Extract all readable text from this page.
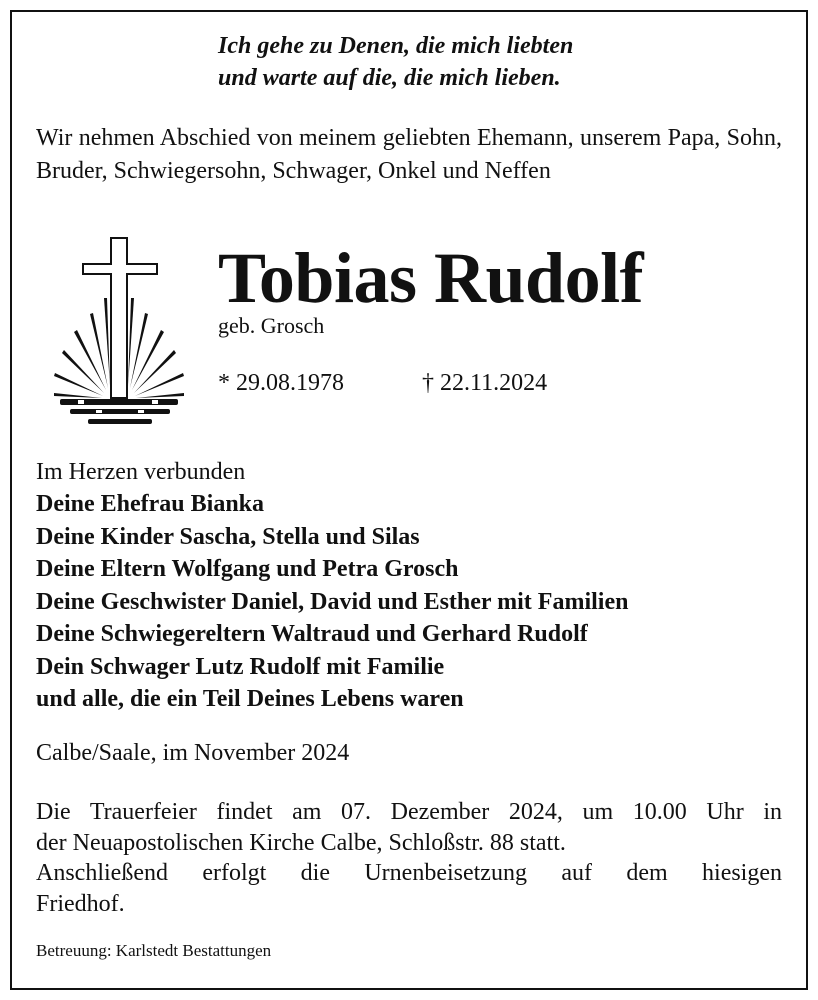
Ich gehe zu Denen, die mich liebten
und warte auf die, die mich lieben.
Wir nehmen Abschied von meinem geliebten Ehemann, unserem Papa, Sohn, Bruder, Schwiegersohn, Schwager, Onkel und Neffen
Tobias Rudolf
geb. Grosch
* 29.08.1978	† 22.11.2024
Im Herzen verbunden
Deine Ehefrau Bianka
Deine Kinder Sascha, Stella und Silas
Deine Eltern Wolfgang und Petra Grosch
Deine Geschwister Daniel, David und Esther mit Familien
Deine Schwiegereltern Waltraud und Gerhard Rudolf
Dein Schwager Lutz Rudolf mit Familie
und alle, die ein Teil Deines Lebens waren
Calbe/Saale, im November 2024
Die Trauerfeier findet am 07. Dezember 2024, um 10.00 Uhr in
der Neuapostolischen Kirche Calbe, Schloßstr. 88 statt.
Anschließend erfolgt die Urnenbeisetzung auf dem hiesigen
Friedhof.
Betreuung: Karlstedt Bestattungen
